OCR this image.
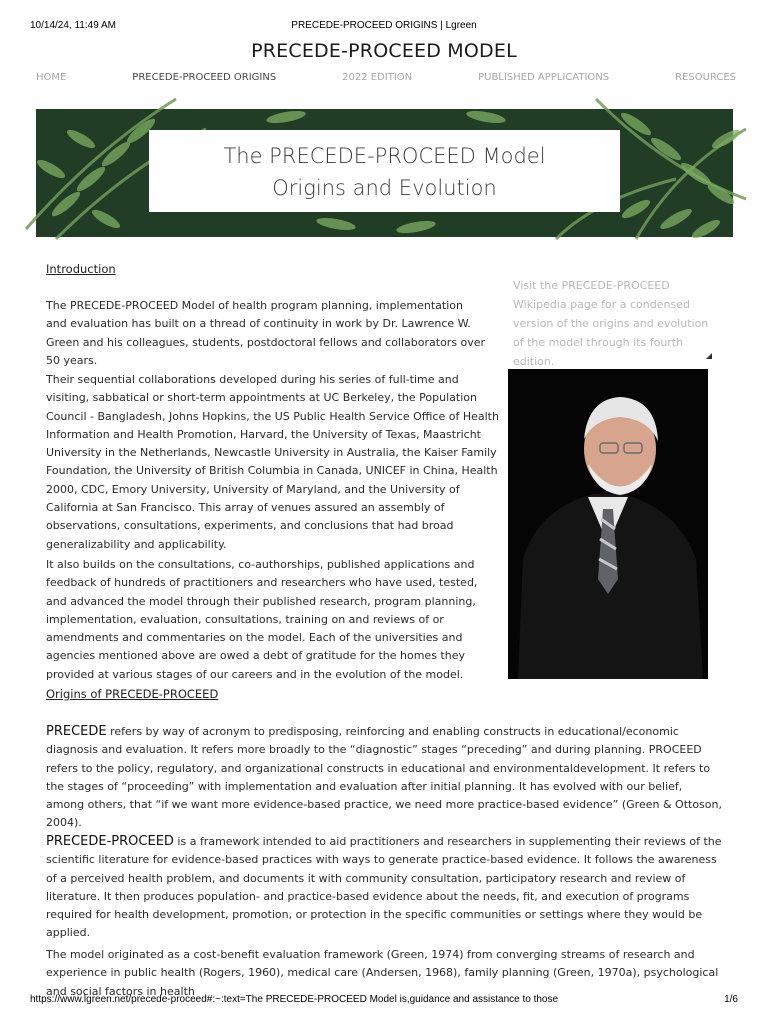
10/14/24, 11:49 AM	PRECEDE-PROCEED ORIGINS | Lgreen
PRECEDE-PROCEED MODEL
HOME	PRECEDE-PROCEED ORIGINS	2022 EDITION	PUBLISHED APPLICATIONS	RESOURCES
The PRECEDE-PROCEED Model
Origins and Evolution
Introduction

The PRECEDE-PROCEED Model of health program planning, implementation and evaluation has built on a thread of continuity in work by Dr. Lawrence W. Green and his colleagues, students, postdoctoral fellows and collaborators over 50 years.

Their sequential collaborations developed during his series of full-time and visiting, sabbatical or short-term appointments at UC Berkeley, the Population Council - Bangladesh, Johns Hopkins, the US Public Health Service Office of Health Information and Health Promotion, Harvard, the University of Texas, Maastricht University in the Netherlands, Newcastle University in Australia, the Kaiser Family Foundation, the University of British Columbia in Canada, UNICEF in China, Health 2000, CDC, Emory University, University of Maryland, and the University of California at San Francisco. This array of venues assured an assembly of observations, consultations, experiments, and conclusions that had broad generalizability and applicability.

It also builds on the consultations, co-authorships, published applications and feedback of hundreds of practitioners and researchers who have used, tested, and advanced the model through their published research, program planning, implementation, evaluation, consultations, training on and reviews of or amendments and commentaries on the model. Each of the universities and agencies mentioned above are owed a debt of gratitude for the homes they provided at various stages of our careers and in the evolution of the model.

Visit the PRECEDE-PROCEED Wikipedia page for a condensed version of the origins and evolution of the model through its fourth edition.
Origins of PRECEDE-PROCEED

PRECEDE refers by way of acronym to predisposing, reinforcing and enabling constructs in educational/economic diagnosis and evaluation. It refers more broadly to the “diagnostic” stages “preceding” and during planning. PROCEED refers to the policy, regulatory, and organizational constructs in educational and environmentaldevelopment. It refers to the stages of “proceeding” with implementation and evaluation after initial planning. It has evolved with our belief, among others, that “if we want more evidence-based practice, we need more practice-based evidence” (Green & Ottoson, 2004).

PRECEDE-PROCEED is a framework intended to aid practitioners and researchers in supplementing their reviews of the scientific literature for evidence-based practices with ways to generate practice-based evidence. It follows the awareness of a perceived health problem, and documents it with community consultation, participatory research and review of literature. It then produces population- and practice-based evidence about the needs, fit, and execution of programs required for health development, promotion, or protection in the specific communities or settings where they would be applied.

The model originated as a cost-benefit evaluation framework (Green, 1974) from converging streams of research and experience in public health (Rogers, 1960), medical care (Andersen, 1968), family planning (Green, 1970a), psychological and social factors in health

https://www.lgreen.net/precede-proceed#:~:text=The PRECEDE-PROCEED Model is,guidance and assistance to those	1/6
